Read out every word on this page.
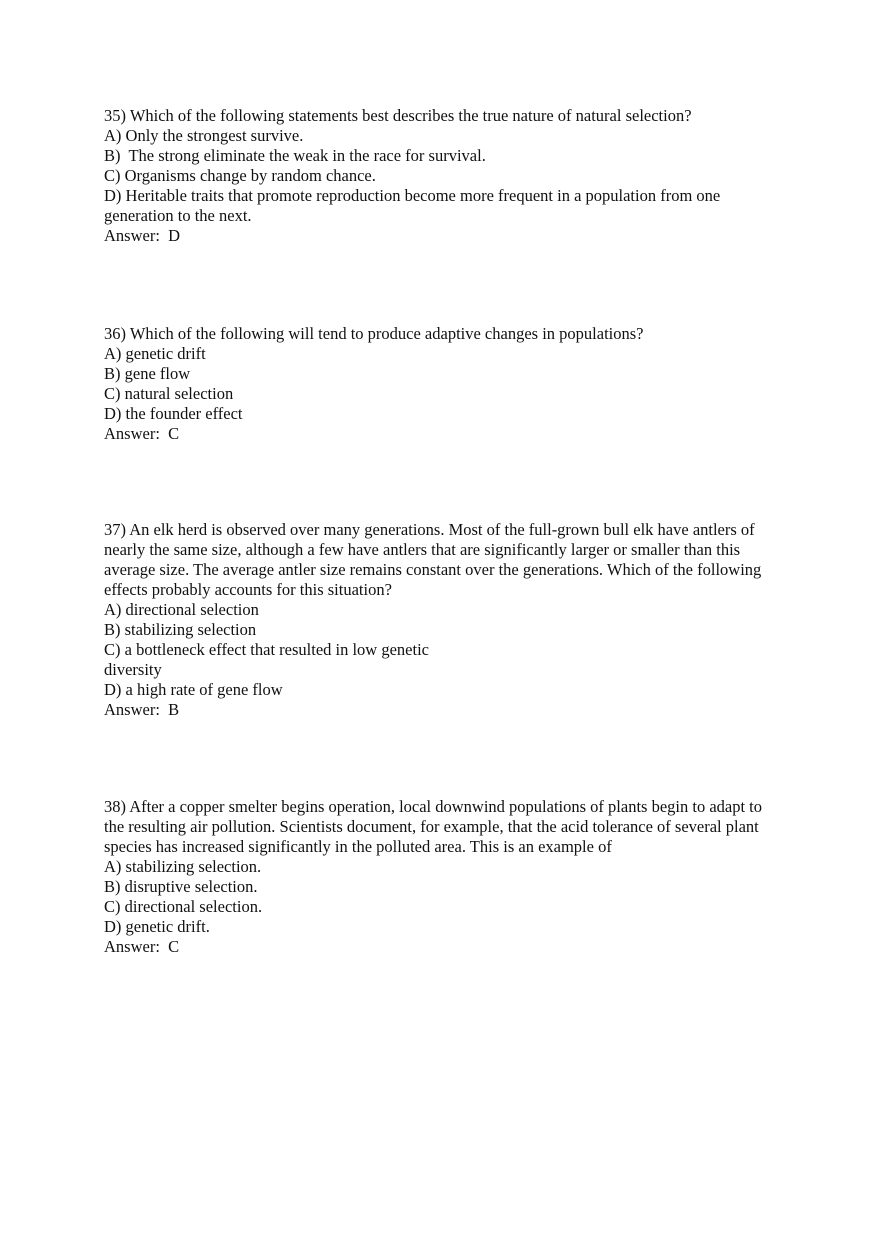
35) Which of the following statements best describes the true nature of natural selection?

A) Only the strongest survive.

B)  The strong eliminate the weak in the race for survival.

C) Organisms change by random chance.

D) Heritable traits that promote reproduction become more frequent in a population from one generation to the next.

Answer:  D

36) Which of the following will tend to produce adaptive changes in populations?

A) genetic drift

B) gene flow

C) natural selection

D) the founder effect

Answer:  C

37) An elk herd is observed over many generations. Most of the full-grown bull elk have antlers of nearly the same size, although a few have antlers that are significantly larger or smaller than this average size. The average antler size remains constant over the generations. Which of the following effects probably accounts for this situation?

A) directional selection

B) stabilizing selection

C) a bottleneck effect that resulted in low genetic

diversity

D) a high rate of gene flow

Answer:  B

38) After a copper smelter begins operation, local downwind populations of plants begin to adapt to the resulting air pollution. Scientists document, for example, that the acid tolerance of several plant species has increased significantly in the polluted area. This is an example of

A) stabilizing selection.

B) disruptive selection.

C) directional selection.

D) genetic drift.

Answer:  C
